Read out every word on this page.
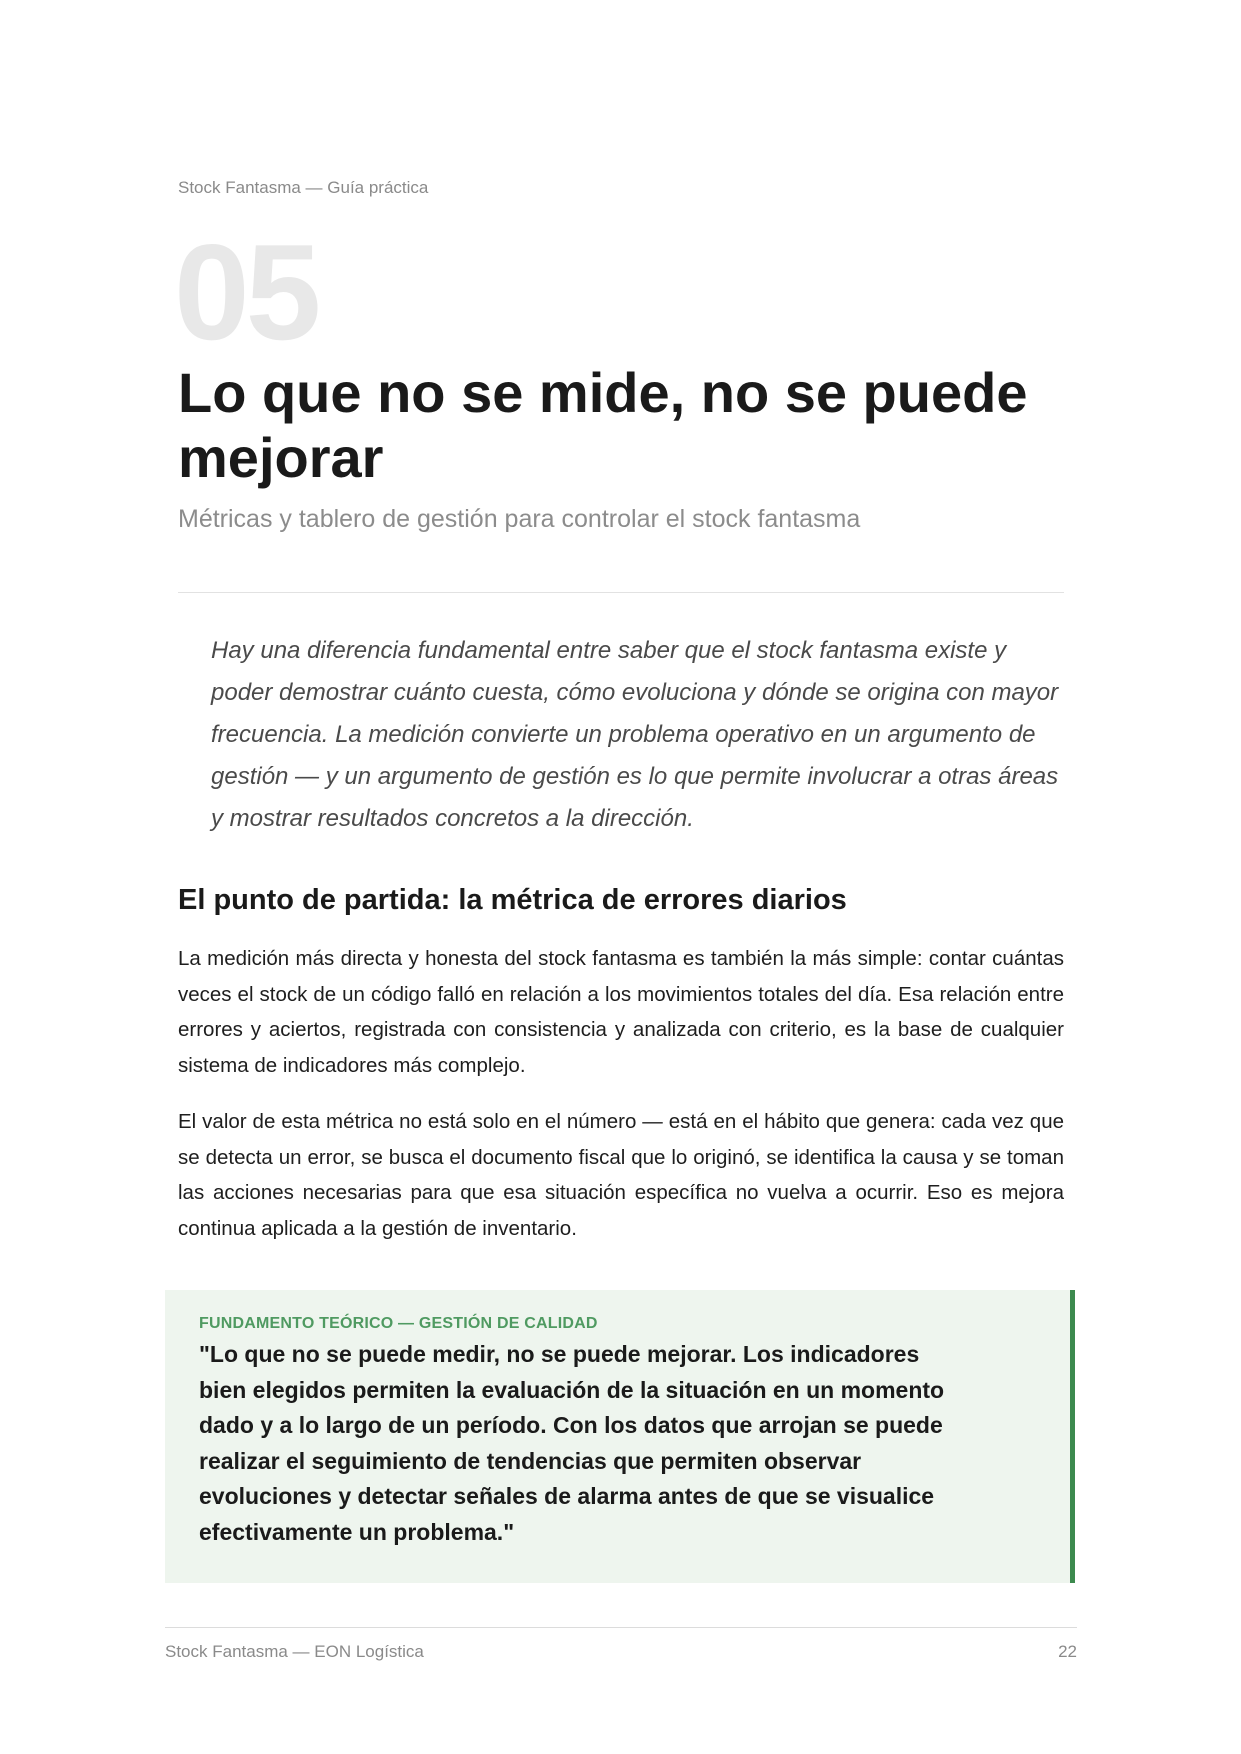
Stock Fantasma — Guía práctica
05
Lo que no se mide, no se puede mejorar
Métricas y tablero de gestión para controlar el stock fantasma

Hay una diferencia fundamental entre saber que el stock fantasma existe y poder demostrar cuánto cuesta, cómo evoluciona y dónde se origina con mayor frecuencia. La medición convierte un problema operativo en un argumento de gestión — y un argumento de gestión es lo que permite involucrar a otras áreas y mostrar resultados concretos a la dirección.

El punto de partida: la métrica de errores diarios

La medición más directa y honesta del stock fantasma es también la más simple: contar cuántas veces el stock de un código falló en relación a los movimientos totales del día. Esa relación entre errores y aciertos, registrada con consistencia y analizada con criterio, es la base de cualquier sistema de indicadores más complejo.

El valor de esta métrica no está solo en el número — está en el hábito que genera: cada vez que se detecta un error, se busca el documento fiscal que lo originó, se identifica la causa y se toman las acciones necesarias para que esa situación específica no vuelva a ocurrir. Eso es mejora continua aplicada a la gestión de inventario.

FUNDAMENTO TEÓRICO — GESTIÓN DE CALIDAD

"Lo que no se puede medir, no se puede mejorar. Los indicadores bien elegidos permiten la evaluación de la situación en un momento dado y a lo largo de un período. Con los datos que arrojan se puede realizar el seguimiento de tendencias que permiten observar evoluciones y detectar señales de alarma antes de que se visualice efectivamente un problema."

Stock Fantasma — EON Logística	22
